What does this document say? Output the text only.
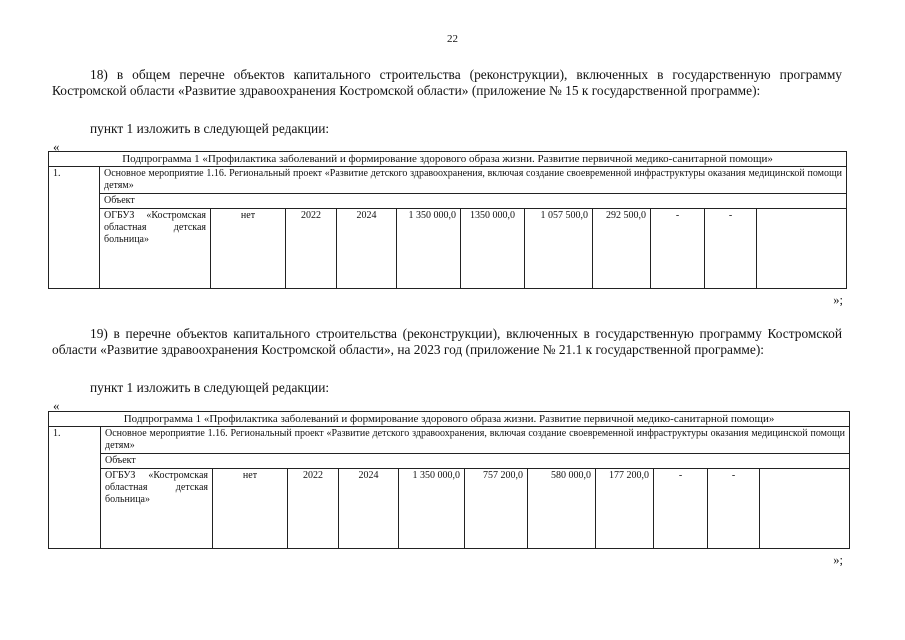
22
18) в общем перечне объектов капитального строительства (реконструкции), включенных в государственную программу Костромской области «Развитие здравоохранения Костромской области» (приложение № 15 к государственной программе):
пункт 1 изложить в следующей редакции:
«
Подпрограмма 1 «Профилактика заболеваний и формирование здорового образа жизни. Развитие первичной медико-санитарной помощи»												
1.	Основное мероприятие 1.16. Региональный проект «Развитие детского здравоохранения, включая создание своевременной инфраструктуры оказания медицинской помощи детям»											
	Объект											
	ОГБУЗ «Костромская областная детская больница»	нет	2022	2024	1 350 000,0	1350 000,0	1 057 500,0	292 500,0	-	-		
»;
19) в перечне объектов капитального строительства (реконструкции), включенных в государственную программу Костромской области «Развитие здравоохранения Костромской области», на 2023 год (приложение № 21.1 к государственной программе):
пункт 1 изложить в следующей редакции:
«
Подпрограмма 1 «Профилактика заболеваний и формирование здорового образа жизни. Развитие первичной медико-санитарной помощи»												
1.	Основное мероприятие 1.16. Региональный проект «Развитие детского здравоохранения, включая создание своевременной инфраструктуры оказания медицинской помощи детям»											
	Объект											
	ОГБУЗ «Костромская областная детская больница»	нет	2022	2024	1 350 000,0	757 200,0	580 000,0	177 200,0	-	-		
»;
